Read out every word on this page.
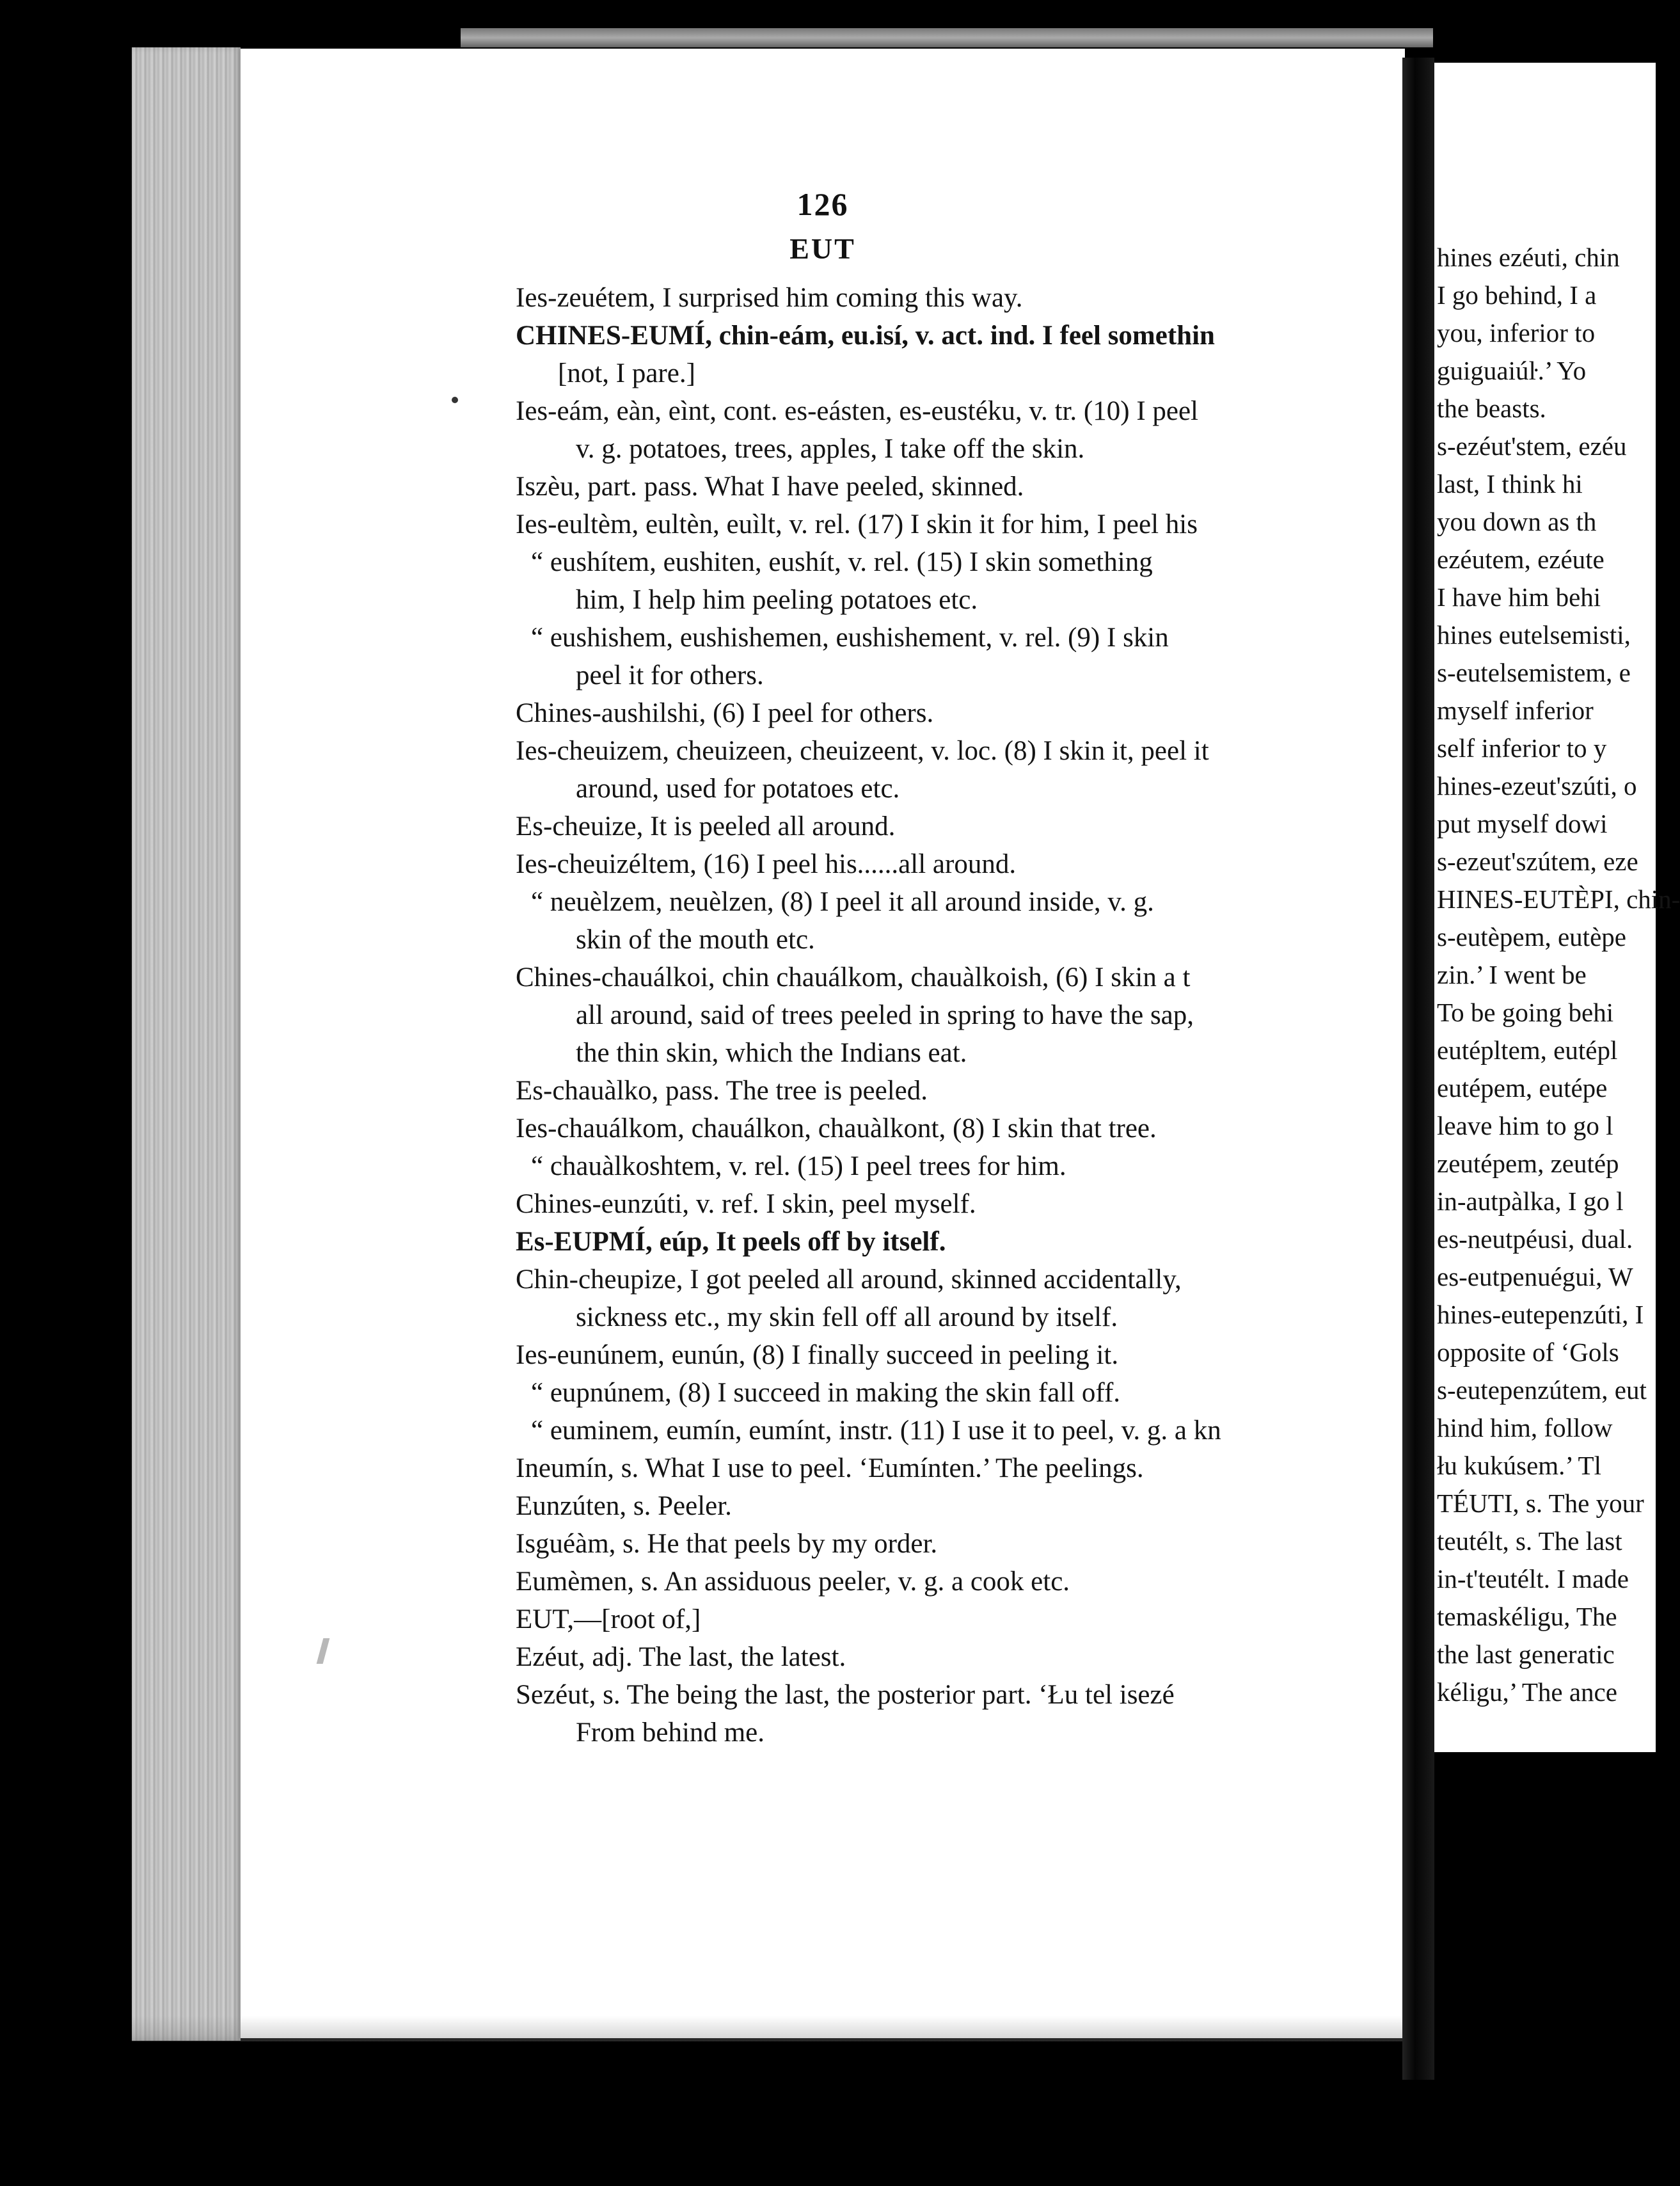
126
EUT
Ies-zeuétem, I surprised him coming this way.
CHINES-EUMÍ, chin-eám, eu.isí, v. act. ind. I feel somethin
[not, I pare.]
Ies-eám, eàn, eìnt, cont. es-eásten, es-eustéku, v. tr. (10) I peel
v. g. potatoes, trees, apples, I take off the skin.
Iszèu, part. pass. What I have peeled, skinned.
Ies-eultèm, eultèn, euìlt, v. rel. (17) I skin it for him, I peel his
“ eushítem, eushiten, eushít, v. rel. (15) I skin something
him, I help him peeling potatoes etc.
“ eushishem, eushishemen, eushishement, v. rel. (9) I skin
peel it for others.
Chines-aushilshi, (6) I peel for others.
Ies-cheuizem, cheuizeen, cheuizeent, v. loc. (8) I skin it, peel it
around, used for potatoes etc.
Es-cheuize, It is peeled all around.
Ies-cheuizéltem, (16) I peel his......all around.
“ neuèlzem, neuèlzen, (8) I peel it all around inside, v. g.
skin of the mouth etc.
Chines-chauálkoi, chin chauálkom, chauàlkoish, (6) I skin a t
all around, said of trees peeled in spring to have the sap,
the thin skin, which the Indians eat.
Es-chauàlko, pass. The tree is peeled.
Ies-chauálkom, chauálkon, chauàlkont, (8) I skin that tree.
“ chauàlkoshtem, v. rel. (15) I peel trees for him.
Chines-eunzúti, v. ref. I skin, peel myself.
Es-EUPMÍ, eúp, It peels off by itself.
Chin-cheupize, I got peeled all around, skinned accidentally,
sickness etc., my skin fell off all around by itself.
Ies-eunúnem, eunún, (8) I finally succeed in peeling it.
“ eupnúnem, (8) I succeed in making the skin fall off.
“ euminem, eumín, eumínt, instr. (11) I use it to peel, v. g. a kn
Ineumín, s. What I use to peel. ‘Eumínten.’ The peelings.
Eunzúten, s. Peeler.
Isguéàm, s. He that peels by my order.
Eumèmen, s. An assiduous peeler, v. g. a cook etc.
EUT,—[root of,]
Ezéut, adj. The last, the latest.
Sezéut, s. The being the last, the posterior part. ‘Łu tel isezé
From behind me.
hines ezéuti, chin
I go behind, I a
you, inferior to
guiguaiúŀ.’ Yo
the beasts.
s-ezéut'stem, ezéu
last, I think hi
you down as th
ezéutem, ezéute
I have him behi
hines eutelsemisti,
s-eutelsemistem, e
myself inferior
self inferior to y
hines-ezeut'szúti, o
put myself dowi
s-ezeut'szútem, eze
HINES-EUTÈPI, chin-
s-eutèpem, eutèpe
zin.’ I went be
To be going behi
eutépltem, eutépl
eutépem, eutépe
leave him to go l
zeutépem, zeutép
in-autpàlka, I go l
es-neutpéusi, dual.
es-eutpenuégui, W
hines-eutepenzúti, I
opposite of ‘Gols
s-eutepenzútem, eut
hind him, follow
łu kukúsem.’ Tl
TÉUTI, s. The your
teutélt, s. The last
in-t'teutélt. I made
temaskéligu, The
the last generatic
kéligu,’ The ance
